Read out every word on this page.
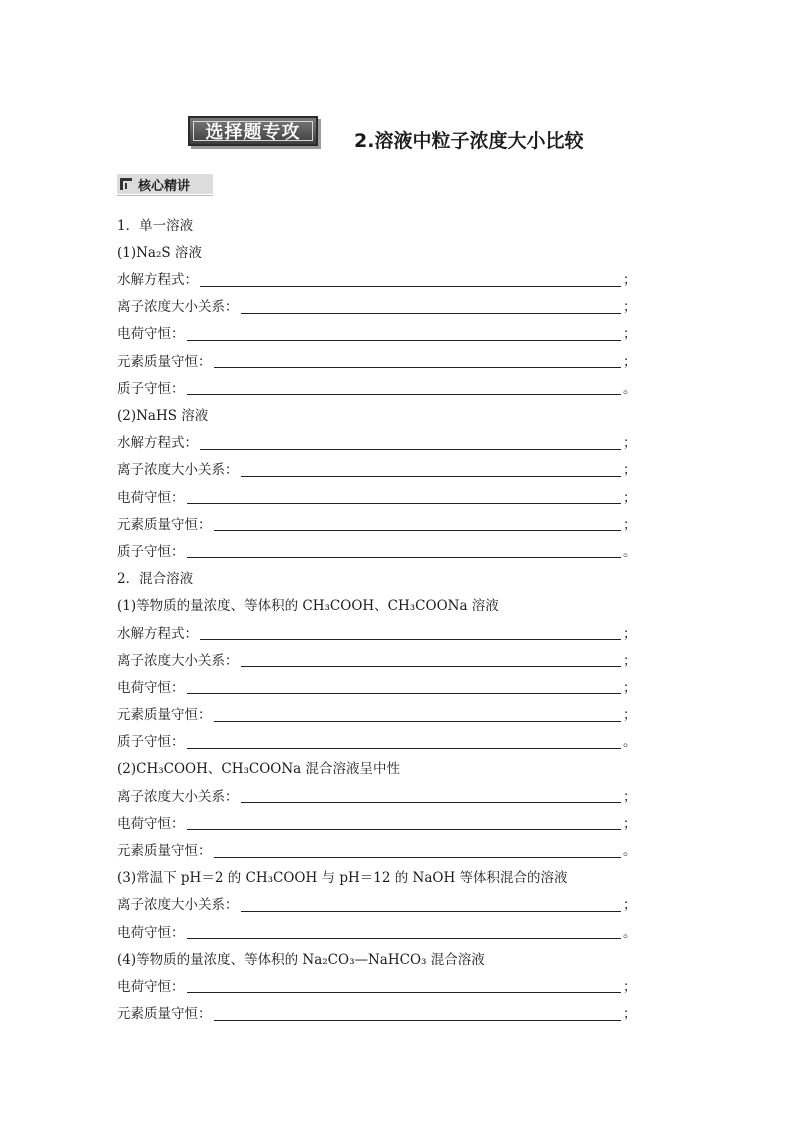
选择题专攻	2.溶液中粒子浓度大小比较
核心精讲
1．单一溶液
(1)Na₂S 溶液
水解方程式：	；
离子浓度大小关系：	；
电荷守恒：	；
元素质量守恒：	；
质子守恒：	。
(2)NaHS 溶液
水解方程式：	；
离子浓度大小关系：	；
电荷守恒：	；
元素质量守恒：	；
质子守恒：	。
2．混合溶液
(1)等物质的量浓度、等体积的 CH₃COOH、CH₃COONa 溶液
水解方程式：	；
离子浓度大小关系：	；
电荷守恒：	；
元素质量守恒：	；
质子守恒：	。
(2)CH₃COOH、CH₃COONa 混合溶液呈中性
离子浓度大小关系：	；
电荷守恒：	；
元素质量守恒：	。
(3)常温下 pH＝2 的 CH₃COOH 与 pH＝12 的 NaOH 等体积混合的溶液
离子浓度大小关系：	；
电荷守恒：	。
(4)等物质的量浓度、等体积的 Na₂CO₃—NaHCO₃ 混合溶液
电荷守恒：	；
元素质量守恒：	；
